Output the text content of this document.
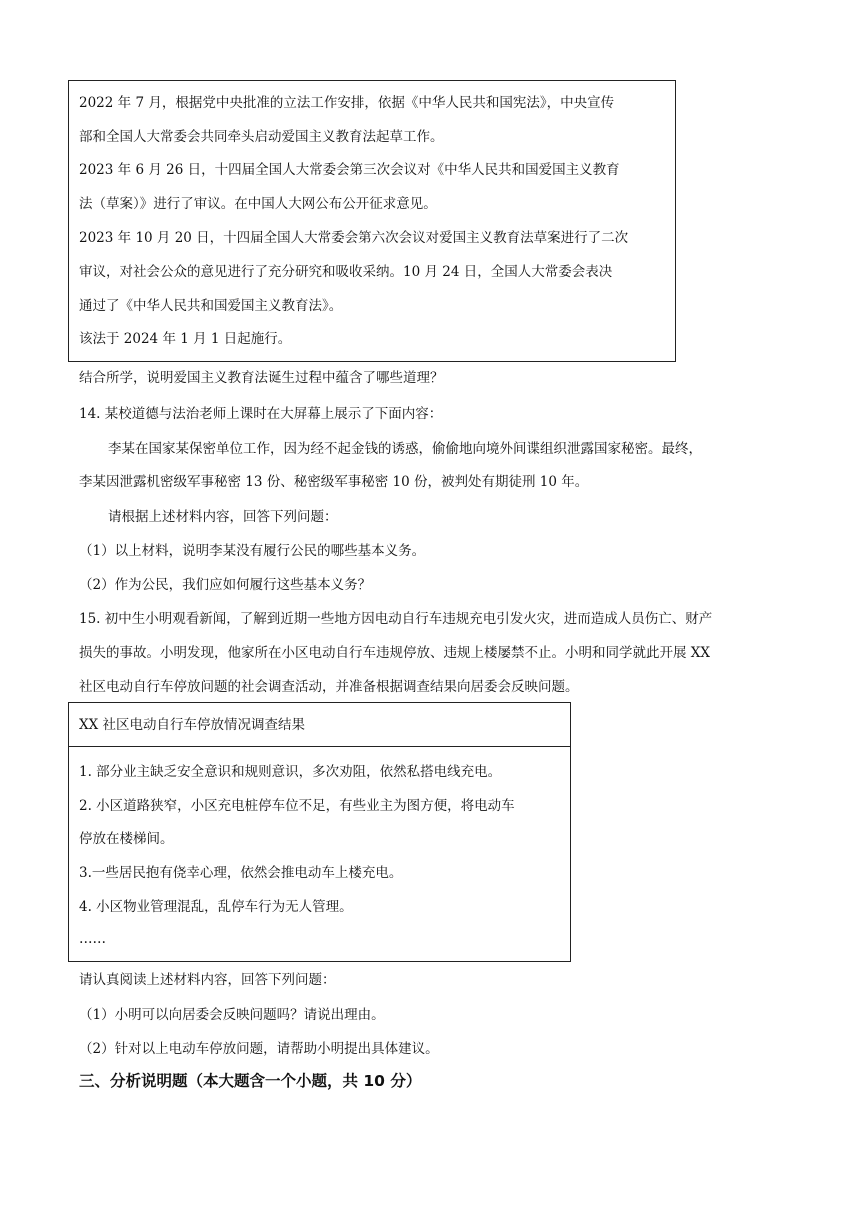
2022 年 7 月，根据党中央批准的立法工作安排，依据《中华人民共和国宪法》，中央宣传
部和全国人大常委会共同牵头启动爱国主义教育法起草工作。
2023 年 6 月 26 日，十四届全国人大常委会第三次会议对《中华人民共和国爱国主义教育
法（草案）》进行了审议。在中国人大网公布公开征求意见。
2023 年 10 月 20 日，十四届全国人大常委会第六次会议对爱国主义教育法草案进行了二次
审议，对社会公众的意见进行了充分研究和吸收采纳。10 月 24 日，全国人大常委会表决
通过了《中华人民共和国爱国主义教育法》。
该法于 2024 年 1 月 1 日起施行。
结合所学，说明爱国主义教育法诞生过程中蕴含了哪些道理？
14. 某校道德与法治老师上课时在大屏幕上展示了下面内容：
李某在国家某保密单位工作，因为经不起金钱的诱惑，偷偷地向境外间谍组织泄露国家秘密。最终，
李某因泄露机密级军事秘密 13 份、秘密级军事秘密 10 份，被判处有期徒刑 10 年。
请根据上述材料内容，回答下列问题：
（1）以上材料，说明李某没有履行公民的哪些基本义务。
（2）作为公民，我们应如何履行这些基本义务？
15. 初中生小明观看新闻，了解到近期一些地方因电动自行车违规充电引发火灾，进而造成人员伤亡、财产
损失的事故。小明发现，他家所在小区电动自行车违规停放、违规上楼屡禁不止。小明和同学就此开展 XX
社区电动自行车停放问题的社会调查活动，并准备根据调查结果向居委会反映问题。
XX 社区电动自行车停放情况调查结果
1. 部分业主缺乏安全意识和规则意识，多次劝阻，依然私搭电线充电。
2. 小区道路狭窄，小区充电桩停车位不足，有些业主为图方便，将电动车
停放在楼梯间。
3.一些居民抱有侥幸心理，依然会推电动车上楼充电。
4. 小区物业管理混乱，乱停车行为无人管理。
……
请认真阅读上述材料内容，回答下列问题：
（1）小明可以向居委会反映问题吗？请说出理由。
（2）针对以上电动车停放问题，请帮助小明提出具体建议。
三、分析说明题（本大题含一个小题，共 10 分）
